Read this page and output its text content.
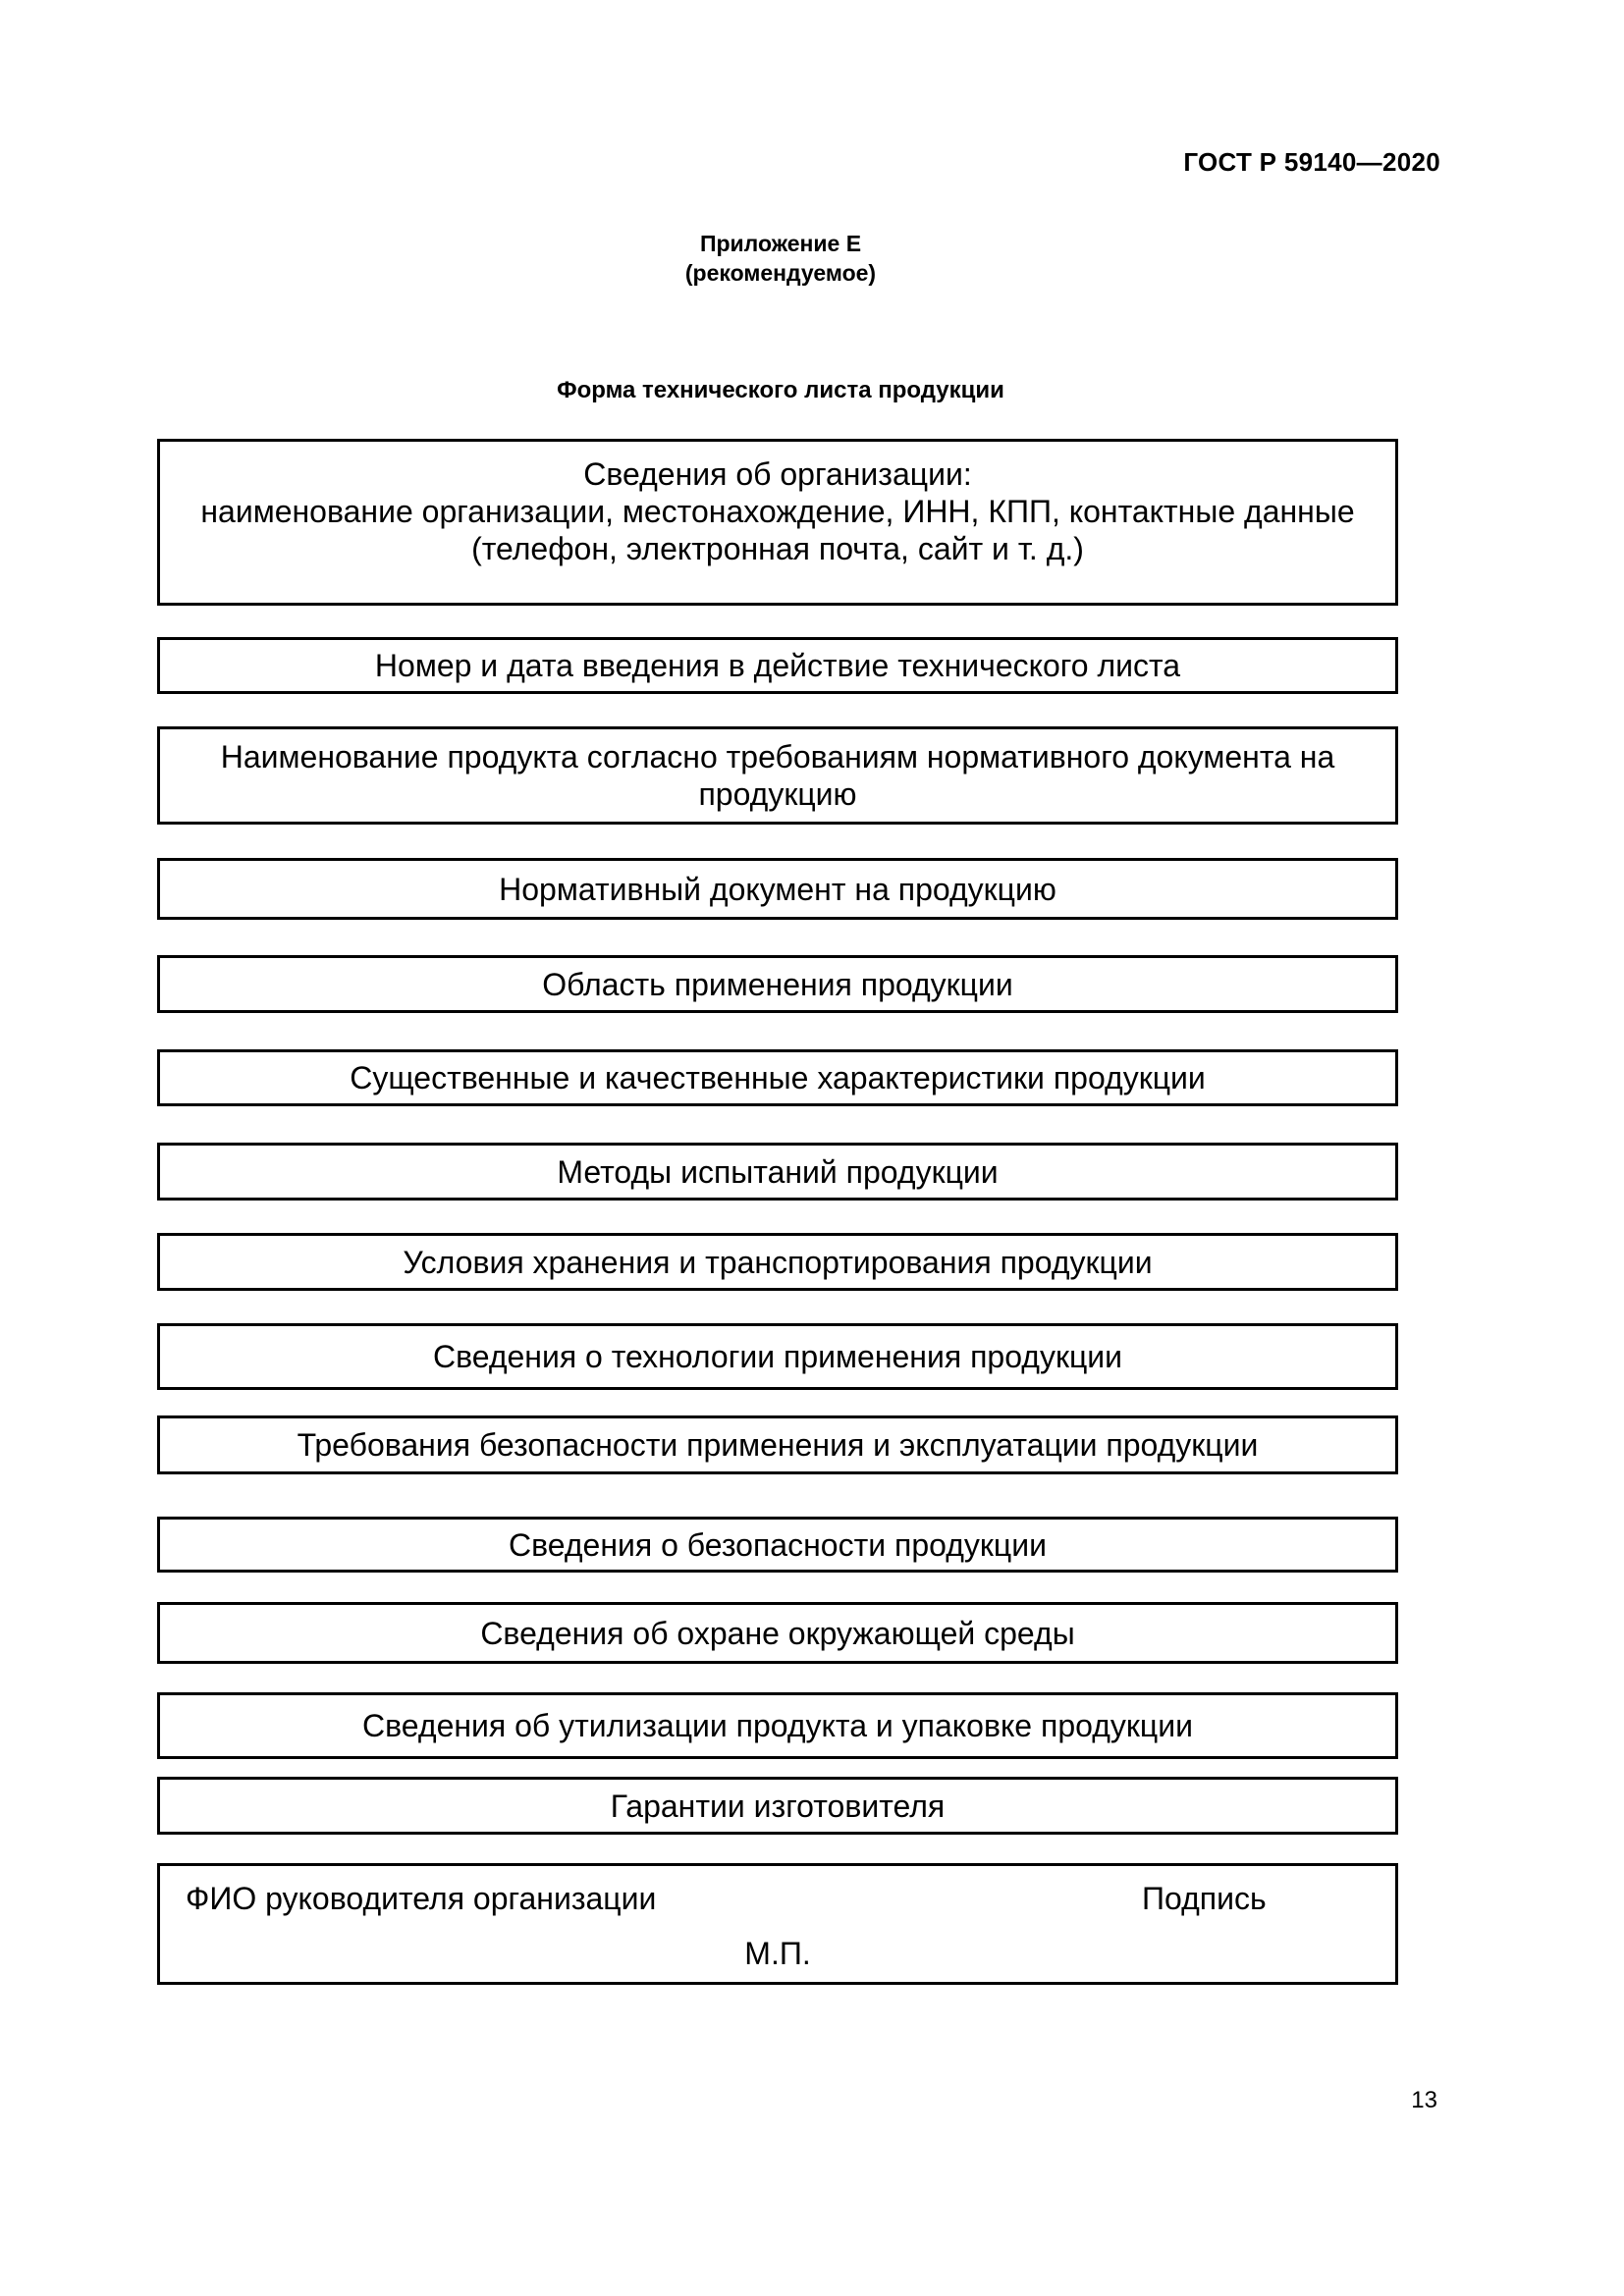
ГОСТ Р 59140—2020
Приложение Е
(рекомендуемое)
Форма технического листа продукции
Сведения об организации:
наименование организации, местонахождение, ИНН, КПП, контактные данные
(телефон, электронная почта, сайт и т. д.)
Номер и дата введения в действие технического листа
Наименование продукта согласно требованиям нормативного документа на продукцию
Нормативный документ на продукцию
Область применения продукции
Существенные и качественные характеристики продукции
Методы испытаний продукции
Условия хранения и транспортирования продукции
Сведения о технологии применения продукции
Требования безопасности применения и эксплуатации продукции
Сведения о безопасности продукции
Сведения об охране окружающей среды
Сведения об утилизации продукта и упаковке продукции
Гарантии изготовителя
ФИО руководителя организации	Подпись
М.П.
13
